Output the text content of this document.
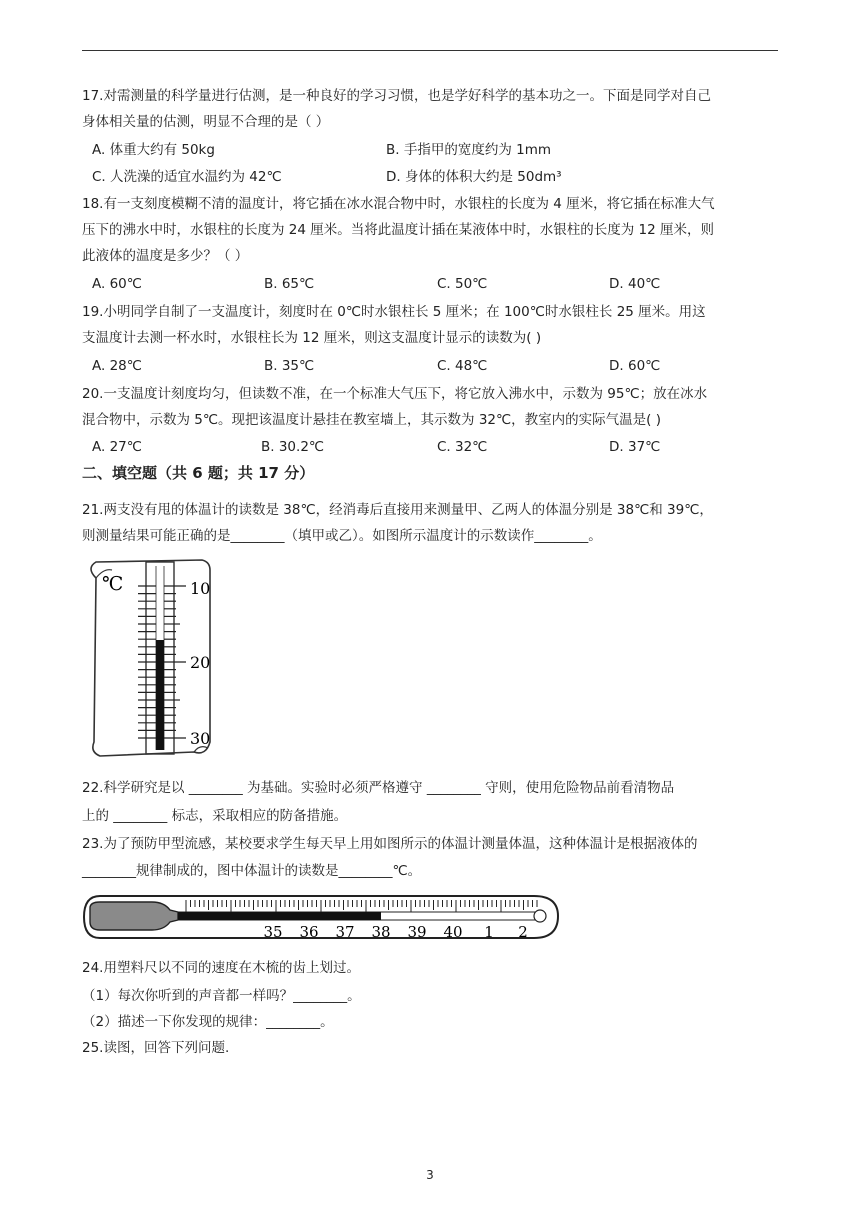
17.对需测量的科学量进行估测，是一种良好的学习习惯，也是学好科学的基本功之一。下面是同学对自己
身体相关量的估测，明显不合理的是（ ）
A. 体重大约有 50kg	B. 手指甲的宽度约为 1mm
C. 人洗澡的适宜水温约为 42℃	D. 身体的体积大约是 50dm³
18.有一支刻度模糊不清的温度计，将它插在冰水混合物中时，水银柱的长度为 4 厘米，将它插在标准大气
压下的沸水中时，水银柱的长度为 24 厘米。当将此温度计插在某液体中时，水银柱的长度为 12 厘米，则
此液体的温度是多少？（ ）
A. 60℃	B. 65℃	C. 50℃	D. 40℃
19.小明同学自制了一支温度计，刻度时在 0℃时水银柱长 5 厘米；在 100℃时水银柱长 25 厘米。用这
支温度计去测一杯水时，水银柱长为 12 厘米，则这支温度计显示的读数为( )
A. 28℃	B. 35℃	C. 48℃	D. 60℃
20.一支温度计刻度均匀，但读数不准，在一个标准大气压下，将它放入沸水中，示数为 95℃；放在冰水
混合物中，示数为 5℃。现把该温度计悬挂在教室墙上，其示数为 32℃，教室内的实际气温是( )
A. 27℃	B. 30.2℃	C. 32℃	D. 37℃
二、填空题（共 6 题；共 17 分）
21.两支没有甩的体温计的读数是 38℃，经消毒后直接用来测量甲、乙两人的体温分别是 38℃和 39℃，
则测量结果可能正确的是________（填甲或乙）。如图所示温度计的示数读作________。
℃	10
20
30
22.科学研究是以 ________ 为基础。实验时必须严格遵守 ________ 守则，使用危险物品前看清物品
上的 ________ 标志，采取相应的防备措施。
23.为了预防甲型流感，某校要求学生每天早上用如图所示的体温计测量体温，这种体温计是根据液体的
________规律制成的，图中体温计的读数是________℃。
35 36 37 38 39 40 1 2
24.用塑料尺以不同的速度在木梳的齿上划过。
（1）每次你听到的声音都一样吗？________。
（2）描述一下你发现的规律：________。
25.读图，回答下列问题.
3
